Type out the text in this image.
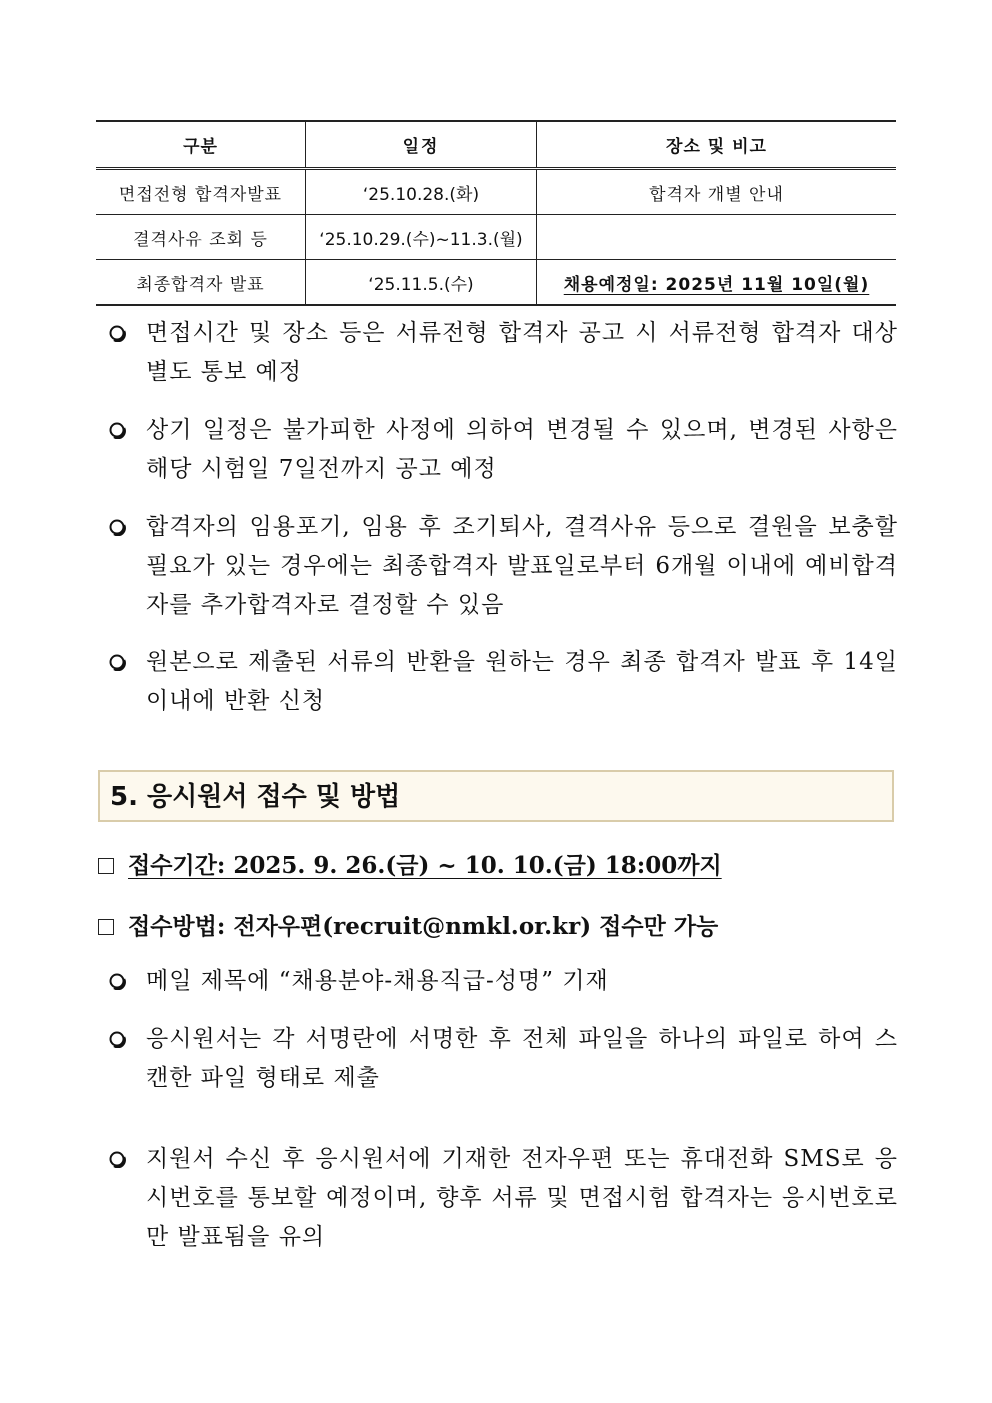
구분	일정	장소 및 비고
면접전형 합격자발표	‘25.10.28.(화)	합격자 개별 안내
결격사유 조회 등	‘25.10.29.(수)~11.3.(월)	
최종합격자 발표	‘25.11.5.(수)	채용예정일: 2025년 11월 10일(월)
면접시간 및 장소 등은 서류전형 합격자 공고 시 서류전형 합격자 대상 별도 통보 예정
상기 일정은 불가피한 사정에 의하여 변경될 수 있으며, 변경된 사항은 해당 시험일 7일전까지 공고 예정
합격자의 임용포기, 임용 후 조기퇴사, 결격사유 등으로 결원을 보충할 필요가 있는 경우에는 최종합격자 발표일로부터 6개월 이내에 예비합격자를 추가합격자로 결정할 수 있음
원본으로 제출된 서류의 반환을 원하는 경우 최종 합격자 발표 후 14일 이내에 반환 신청
5. 응시원서 접수 및 방법
접수기간: 2025. 9. 26.(금) ~ 10. 10.(금) 18:00까지
접수방법: 전자우편(recruit@nmkl.or.kr) 접수만 가능
메일 제목에 “채용분야-채용직급-성명” 기재
응시원서는 각 서명란에 서명한 후 전체 파일을 하나의 파일로 하여 스캔한 파일 형태로 제출
지원서 수신 후 응시원서에 기재한 전자우편 또는 휴대전화 SMS로 응시번호를 통보할 예정이며, 향후 서류 및 면접시험 합격자는 응시번호로만 발표됨을 유의
